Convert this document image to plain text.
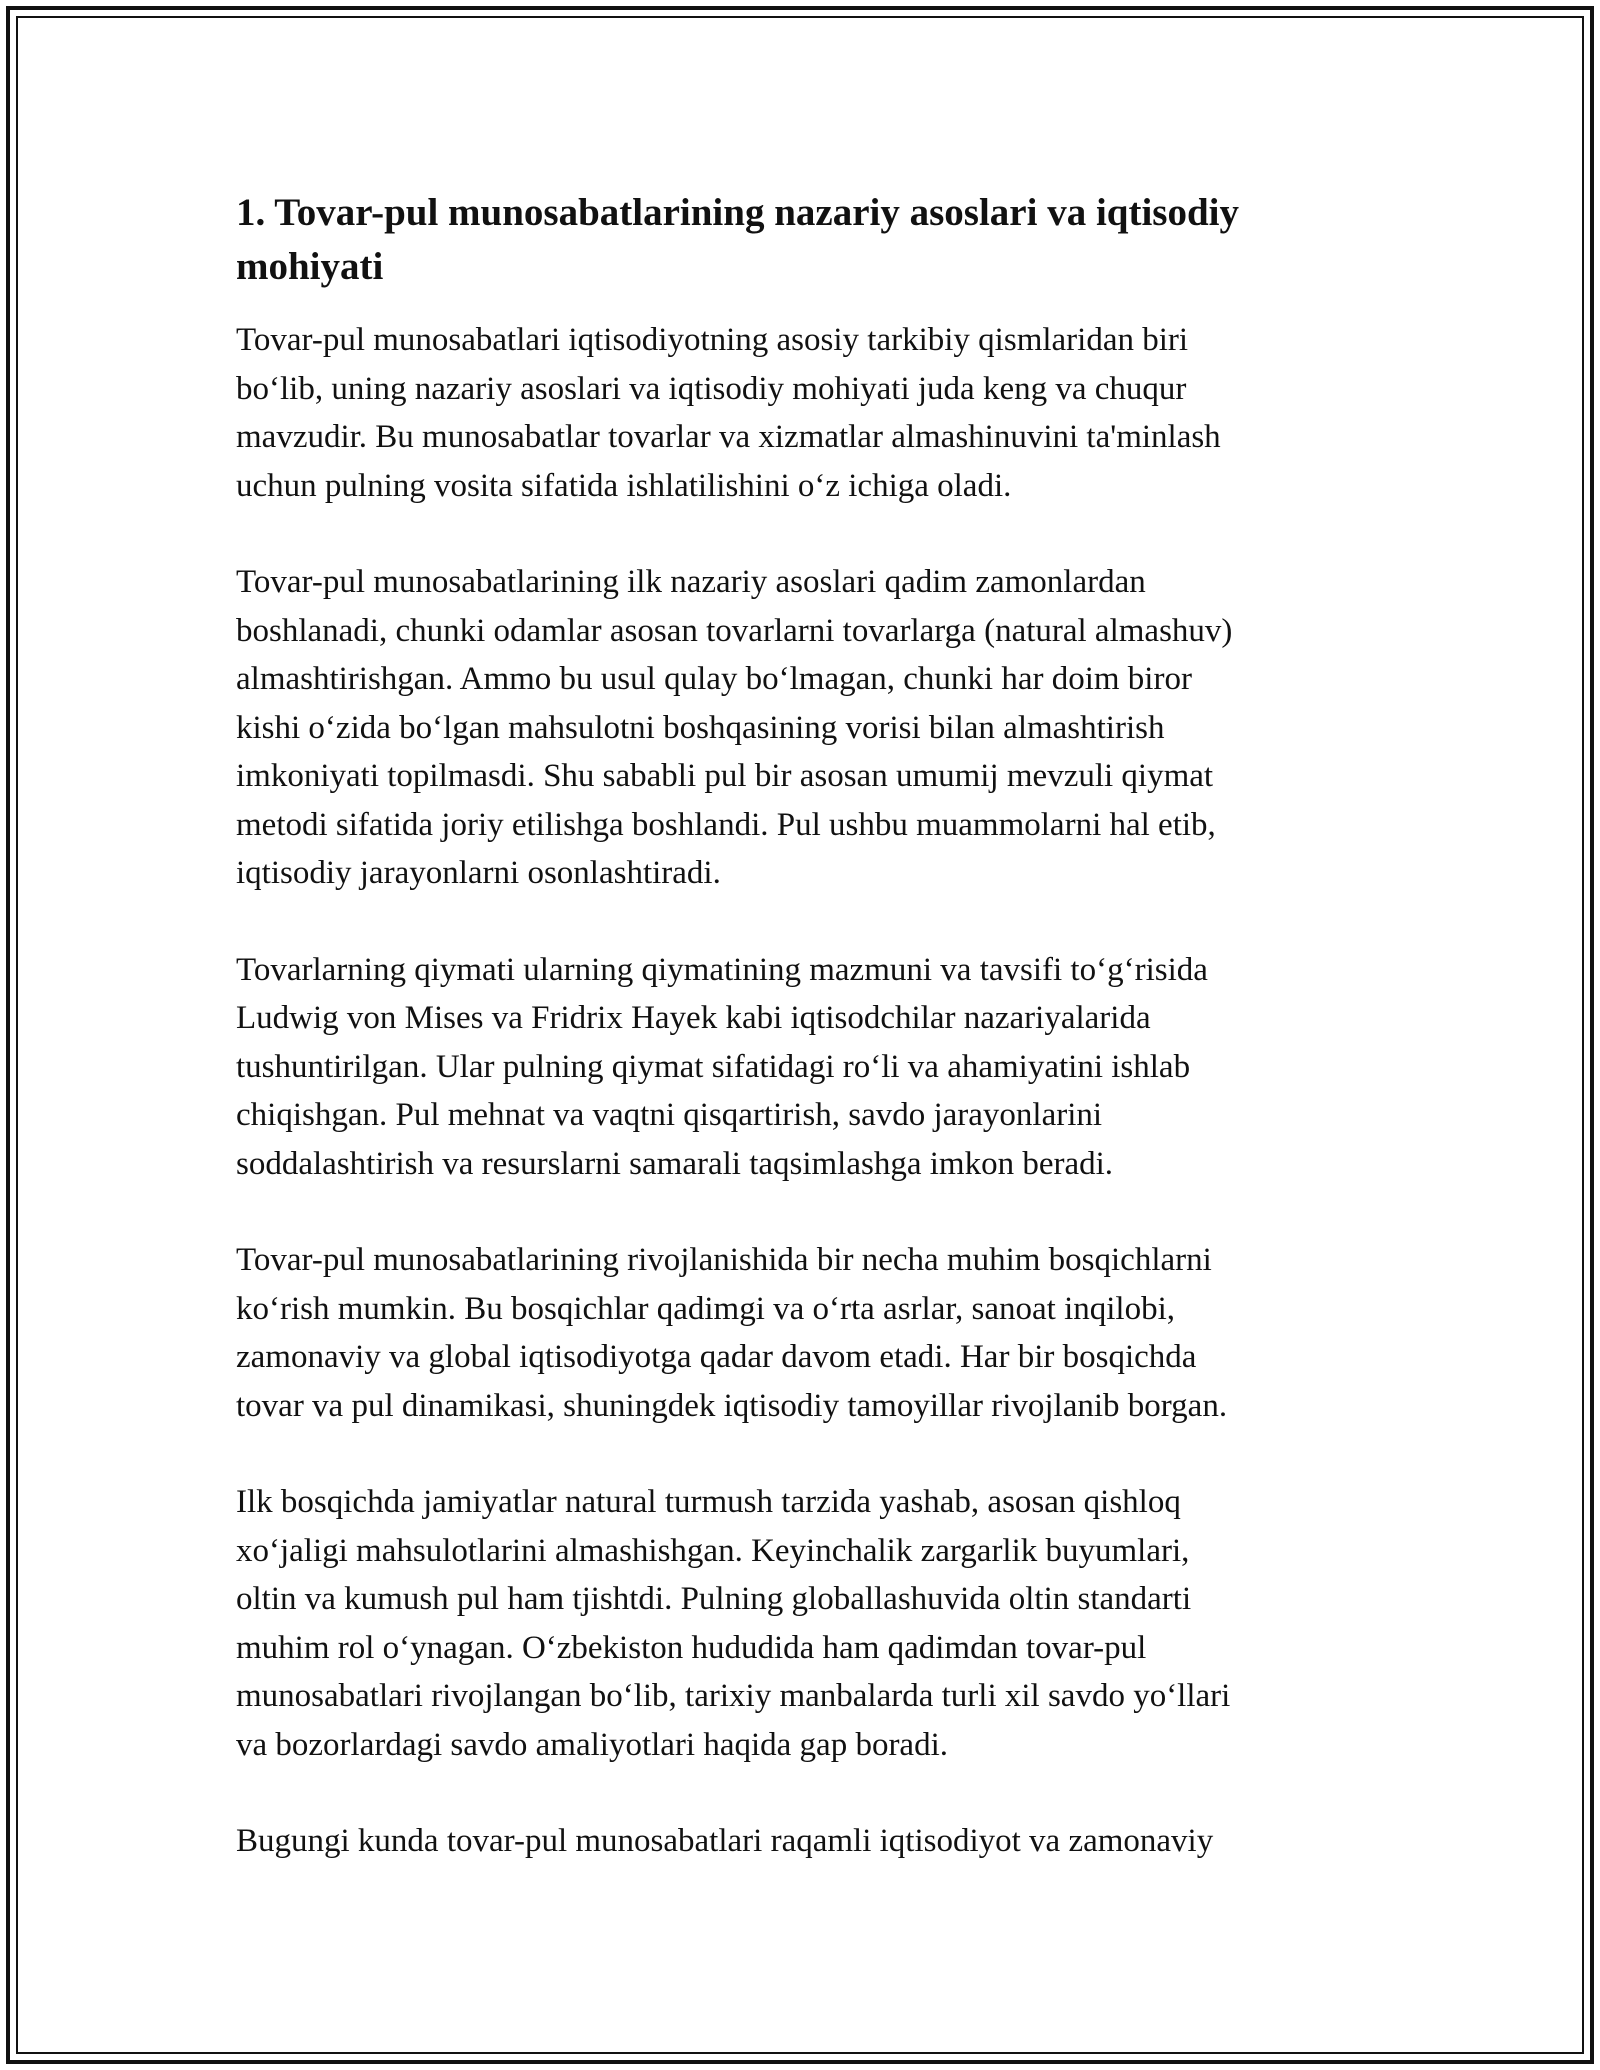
1. Tovar-pul munosabatlarining nazariy asoslari va iqtisodiy
mohiyati

Tovar-pul munosabatlari iqtisodiyotning asosiy tarkibiy qismlaridan biri
bo‘lib, uning nazariy asoslari va iqtisodiy mohiyati juda keng va chuqur
mavzudir. Bu munosabatlar tovarlar va xizmatlar almashinuvini ta'minlash
uchun pulning vosita sifatida ishlatilishini o‘z ichiga oladi.

Tovar-pul munosabatlarining ilk nazariy asoslari qadim zamonlardan
boshlanadi, chunki odamlar asosan tovarlarni tovarlarga (natural almashuv)
almashtirishgan. Ammo bu usul qulay bo‘lmagan, chunki har doim biror
kishi o‘zida bo‘lgan mahsulotni boshqasining vorisi bilan almashtirish
imkoniyati topilmasdi. Shu sababli pul bir asosan umumij mevzuli qiymat
metodi sifatida joriy etilishga boshlandi. Pul ushbu muammolarni hal etib,
iqtisodiy jarayonlarni osonlashtiradi.

Tovarlarning qiymati ularning qiymatining mazmuni va tavsifi to‘g‘risida
Ludwig von Mises va Fridrix Hayek kabi iqtisodchilar nazariyalarida
tushuntirilgan. Ular pulning qiymat sifatidagi ro‘li va ahamiyatini ishlab
chiqishgan. Pul mehnat va vaqtni qisqartirish, savdo jarayonlarini
soddalashtirish va resurslarni samarali taqsimlashga imkon beradi.

Tovar-pul munosabatlarining rivojlanishida bir necha muhim bosqichlarni
ko‘rish mumkin. Bu bosqichlar qadimgi va o‘rta asrlar, sanoat inqilobi,
zamonaviy va global iqtisodiyotga qadar davom etadi. Har bir bosqichda
tovar va pul dinamikasi, shuningdek iqtisodiy tamoyillar rivojlanib borgan.

Ilk bosqichda jamiyatlar natural turmush tarzida yashab, asosan qishloq
xo‘jaligi mahsulotlarini almashishgan. Keyinchalik zargarlik buyumlari,
oltin va kumush pul ham tjishtdi. Pulning globallashuvida oltin standarti
muhim rol o‘ynagan. O‘zbekiston hududida ham qadimdan tovar-pul
munosabatlari rivojlangan bo‘lib, tarixiy manbalarda turli xil savdo yo‘llari
va bozorlardagi savdo amaliyotlari haqida gap boradi.

Bugungi kunda tovar-pul munosabatlari raqamli iqtisodiyot va zamonaviy
